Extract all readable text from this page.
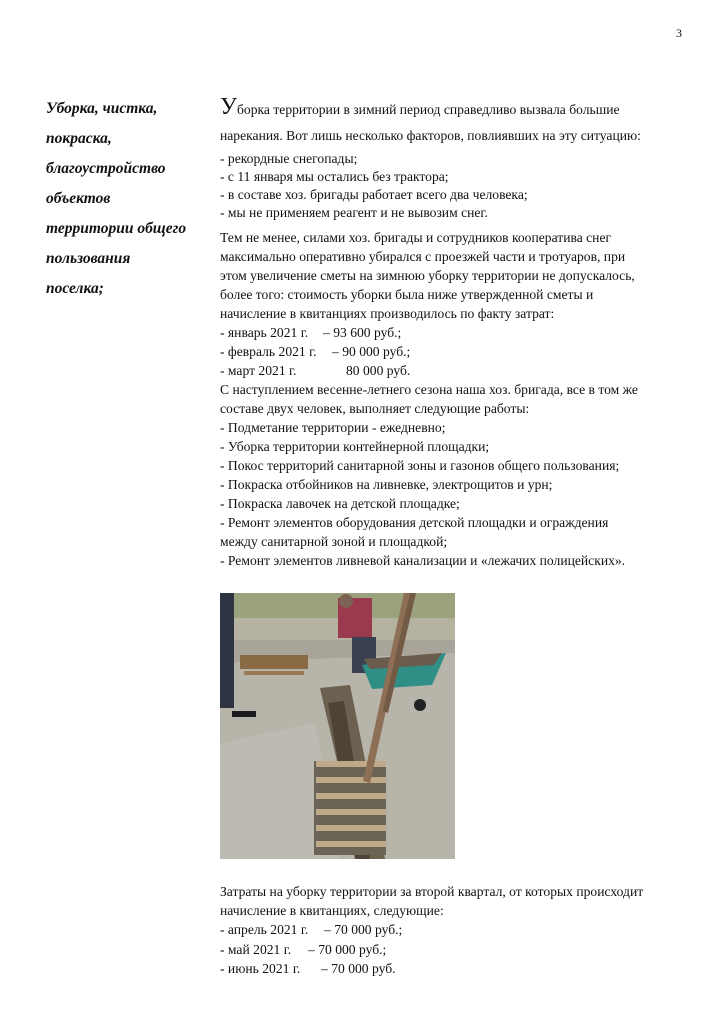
3
Уборка, чистка,
покраска,
благоустройство
объектов
территории общего
пользования
поселка;
Уборка территории в зимний период справедливо вызвала большие
нарекания. Вот лишь несколько факторов, повлиявших на эту ситуацию:
- рекордные снегопады;
- с 11 января мы остались без трактора;
- в составе хоз. бригады работает всего два человека;
- мы не применяем реагент и не вывозим снег.
Тем не менее, силами хоз. бригады и сотрудников кооператива снег
максимально оперативно убирался с проезжей части и тротуаров, при
этом увеличение сметы на зимнюю уборку территории не допускалось,
более того: стоимость уборки была ниже утвержденной сметы и
начисление в квитанциях производилось по факту затрат:
- январь 2021 г. – 93 600 руб.;
- февраль 2021 г. – 90 000 руб.;
- март 2021 г.	80 000 руб.
С наступлением весенне-летнего сезона наша хоз. бригада, все в том же
составе двух человек, выполняет следующие работы:
- Подметание территории - ежедневно;
- Уборка территории контейнерной площадки;
- Покос территорий санитарной зоны и газонов общего пользования;
- Покраска отбойников на ливневке, электрощитов и урн;
- Покраска лавочек на детской площадке;
- Ремонт элементов оборудования детской площадки и ограждения
между санитарной зоной и площадкой;
- Ремонт элементов ливневой канализации и «лежачих полицейских».
Затраты на уборку территории за второй квартал, от которых происходит
начисление в квитанциях, следующие:
- апрель 2021 г. – 70 000 руб.;
- май 2021 г. – 70 000 руб.;
- июнь 2021 г. – 70 000 руб.
